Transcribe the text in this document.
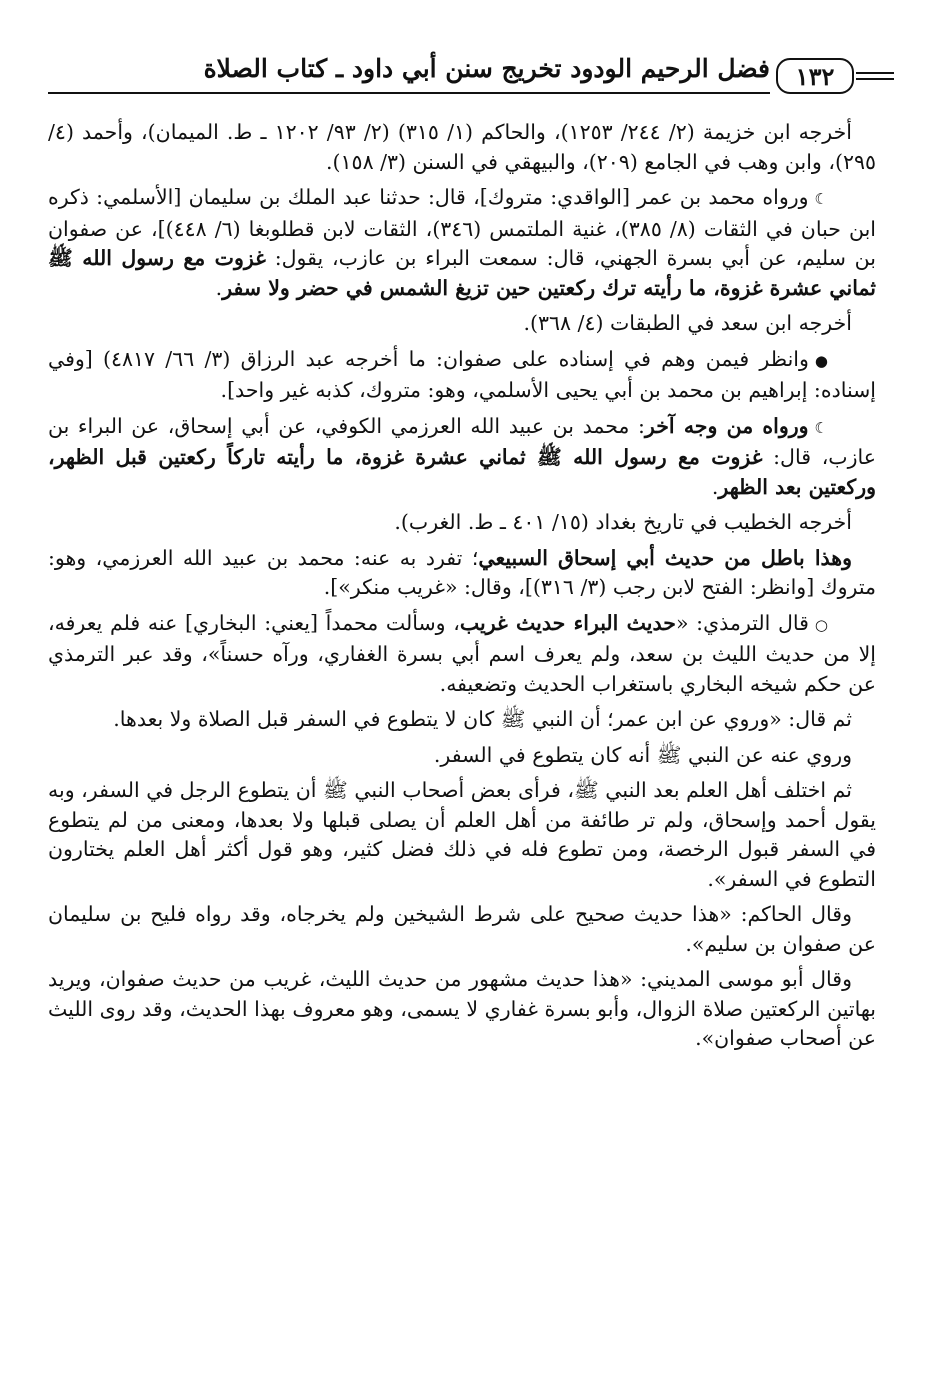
١٣٢
فضل الرحيم الودود تخريج سنن أبي داود ـ كتاب الصلاة

أخرجه ابن خزيمة (٢/ ٢٤٤/ ١٢٥٣)، والحاكم (١/ ٣١٥) (٢/ ٩٣/ ١٢٠٢ ـ ط. الميمان)، وأحمد (٤/ ٢٩٥)، وابن وهب في الجامع (٢٠٩)، والبيهقي في السنن (٣/ ١٥٨).

☾ورواه محمد بن عمر [الواقدي: متروك]، قال: حدثنا عبد الملك بن سليمان [الأسلمي: ذكره ابن حبان في الثقات (٨/ ٣٨٥)، غنية الملتمس (٣٤٦)، الثقات لابن قطلوبغا (٦/ ٤٤٨)]، عن صفوان بن سليم، عن أبي بسرة الجهني، قال: سمعت البراء بن عازب، يقول: غزوت مع رسول الله ﷺ ثماني عشرة غزوة، ما رأيته ترك ركعتين حين تزيغ الشمس في حضر ولا سفر.

أخرجه ابن سعد في الطبقات (٤/ ٣٦٨).

●وانظر فيمن وهم في إسناده على صفوان: ما أخرجه عبد الرزاق (٣/ ٦٦/ ٤٨١٧) [وفي إسناده: إبراهيم بن محمد بن أبي يحيى الأسلمي، وهو: متروك، كذبه غير واحد].

☾ورواه من وجه آخر: محمد بن عبيد الله العرزمي الكوفي، عن أبي إسحاق، عن البراء بن عازب، قال: غزوت مع رسول الله ﷺ ثماني عشرة غزوة، ما رأيته تاركاً ركعتين قبل الظهر، وركعتين بعد الظهر.

أخرجه الخطيب في تاريخ بغداد (١٥/ ٤٠١ ـ ط. الغرب).

وهذا باطل من حديث أبي إسحاق السبيعي؛ تفرد به عنه: محمد بن عبيد الله العرزمي، وهو: متروك [وانظر: الفتح لابن رجب (٣/ ٣١٦)]، وقال: «غريب منكر»].

○قال الترمذي: «حديث البراء حديث غريب، وسألت محمداً [يعني: البخاري] عنه فلم يعرفه، إلا من حديث الليث بن سعد، ولم يعرف اسم أبي بسرة الغفاري، ورآه حسناً»، وقد عبر الترمذي عن حكم شيخه البخاري باستغراب الحديث وتضعيفه.

ثم قال: «وروي عن ابن عمر؛ أن النبي ﷺ كان لا يتطوع في السفر قبل الصلاة ولا بعدها.

وروي عنه عن النبي ﷺ أنه كان يتطوع في السفر.

ثم اختلف أهل العلم بعد النبي ﷺ، فرأى بعض أصحاب النبي ﷺ أن يتطوع الرجل في السفر، وبه يقول أحمد وإسحاق، ولم تر طائفة من أهل العلم أن يصلى قبلها ولا بعدها، ومعنى من لم يتطوع في السفر قبول الرخصة، ومن تطوع فله في ذلك فضل كثير، وهو قول أكثر أهل العلم يختارون التطوع في السفر».

وقال الحاكم: «هذا حديث صحيح على شرط الشيخين ولم يخرجاه، وقد رواه فليح بن سليمان عن صفوان بن سليم».

وقال أبو موسى المديني: «هذا حديث مشهور من حديث الليث، غريب من حديث صفوان، ويريد بهاتين الركعتين صلاة الزوال، وأبو بسرة غفاري لا يسمى، وهو معروف بهذا الحديث، وقد روى الليث عن أصحاب صفوان».
